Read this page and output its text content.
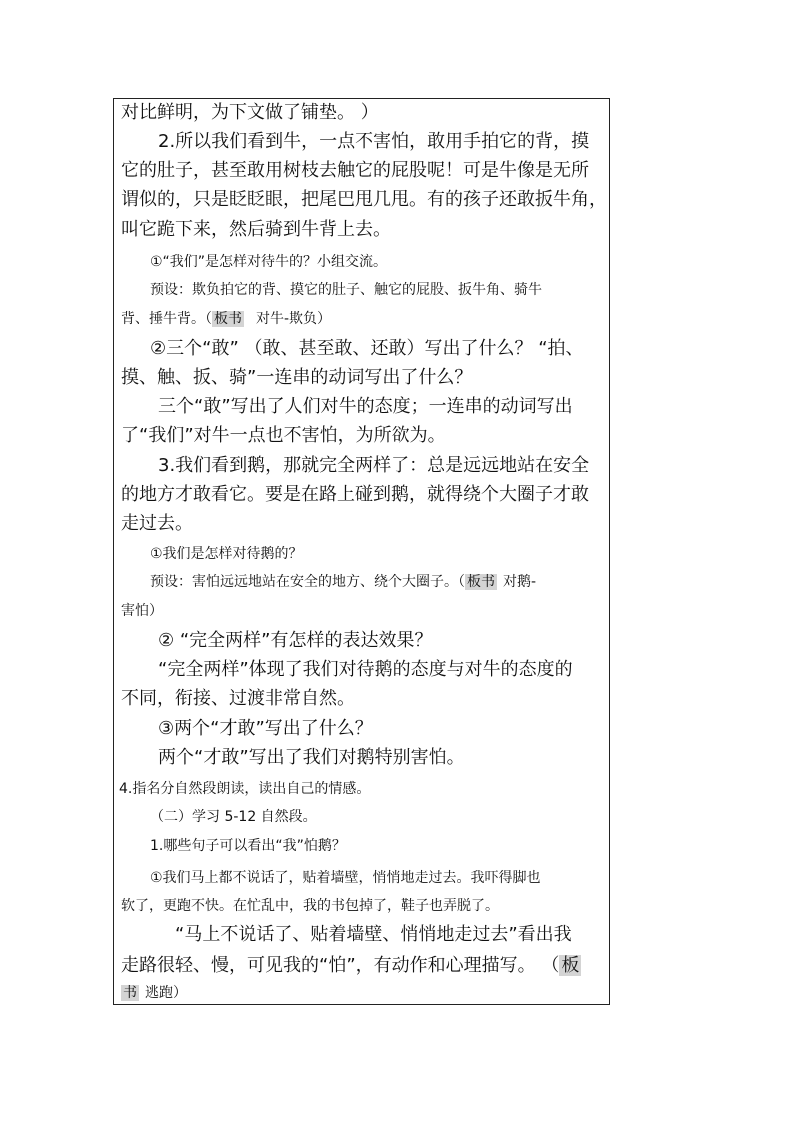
对比鲜明，为下文做了铺垫。 ）
2.所以我们看到牛，一点不害怕，敢用手拍它的背，摸
它的肚子，甚至敢用树枝去触它的屁股呢！可是牛像是无所
谓似的，只是眨眨眼，把尾巴甩几甩。有的孩子还敢扳牛角，
叫它跪下来，然后骑到牛背上去。
①“我们”是怎样对待牛的？小组交流。
预设：欺负拍它的背、摸它的肚子、触它的屁股、扳牛角、骑牛
背、捶牛背。（ 板书 对牛-欺负）
②三个“敢” （敢、甚至敢、还敢）写出了什么？ “拍、
摸、触、扳、骑”一连串的动词写出了什么？
三个“敢”写出了人们对牛的态度；一连串的动词写出
了“我们”对牛一点也不害怕，为所欲为。
3.我们看到鹅，那就完全两样了：总是远远地站在安全
的地方才敢看它。要是在路上碰到鹅，就得绕个大圈子才敢
走过去。
①我们是怎样对待鹅的？
预设：害怕远远地站在安全的地方、绕个大圈子。（ 板书 对鹅-
害怕）
② “完全两样”有怎样的表达效果？
“完全两样”体现了我们对待鹅的态度与对牛的态度的
不同，衔接、过渡非常自然。
③两个“才敢”写出了什么？
两个“才敢”写出了我们对鹅特别害怕。
4.指名分自然段朗读，读出自己的情感。
（二）学习 5-12 自然段。
1.哪些句子可以看出“我”怕鹅？
①我们马上都不说话了，贴着墙壁，悄悄地走过去。我吓得脚也
软了，更跑不快。在忙乱中，我的书包掉了，鞋子也弄脱了。
“马上不说话了、贴着墙壁、悄悄地走过去”看出我
走路很轻、慢，可见我的“怕”，有动作和心理描写。 （ 板
书 逃跑）
